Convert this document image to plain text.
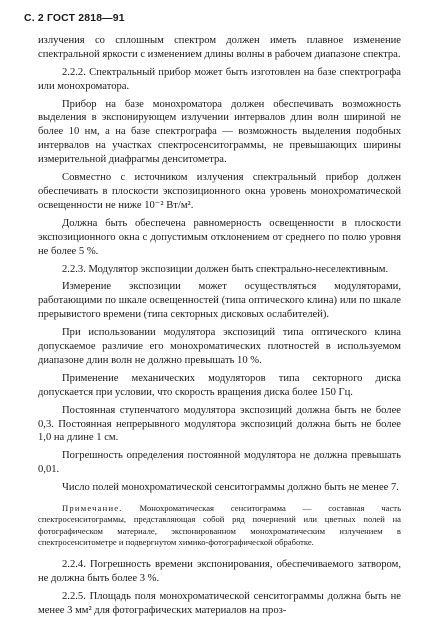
С. 2 ГОСТ 2818—91

излучения со сплошным спектром должен иметь плавное изменение спектральной яркости с изменением длины волны в рабочем диапазоне спектра.

2.2.2. Спектральный прибор может быть изготовлен на базе спектрографа или монохроматора.

Прибор на базе монохроматора должен обеспечивать возможность выделения в экспонирующем излучении интервалов длин волн шириной не более 10 нм, а на базе спектрографа — возможность выделения подобных интервалов на участках спектросенситограммы, не превышающих ширины измерительной диафрагмы денситометра.

Совместно с источником излучения спектральный прибор должен обеспечивать в плоскости экспозиционного окна уровень монохроматической освещенности не ниже 10⁻² Вт/м².

Должна быть обеспечена равномерность освещенности в плоскости экспозиционного окна с допустимым отклонением от среднего по полю уровня не более 5 %.

2.2.3. Модулятор экспозиции должен быть спектрально-неселективным.

Измерение экспозиции может осуществляться модуляторами, работающими по шкале освещенностей (типа оптического клина) или по шкале прерывистого времени (типа секторных дисковых ослабителей).

При использовании модулятора экспозиций типа оптического клина допускаемое различие его монохроматических плотностей в используемом диапазоне длин волн не должно превышать 10 %.

Применение механических модуляторов типа секторного диска допускается при условии, что скорость вращения диска более 150 Гц.

Постоянная ступенчатого модулятора экспозиций должна быть не более 0,3. Постоянная непрерывного модулятора экспозиций должна быть не более 1,0 на длине 1 см.

Погрешность определения постоянной модулятора не должна превышать 0,01.

Число полей монохроматической сенситограммы должно быть не менее 7.

Примечание. Монохроматическая сенситограмма — составная часть спектросенситограммы, представляющая собой ряд почернений или цветных полей на фотографическом материале, экспонированном монохроматическим излучением в спектросенситометре и подвергнутом химико-фотографической обработке.

2.2.4. Погрешность времени экспонирования, обеспечиваемого затвором, не должна быть более 3 %.

2.2.5. Площадь поля монохроматической сенситограммы должна быть не менее 3 мм² для фотографических материалов на проз-
